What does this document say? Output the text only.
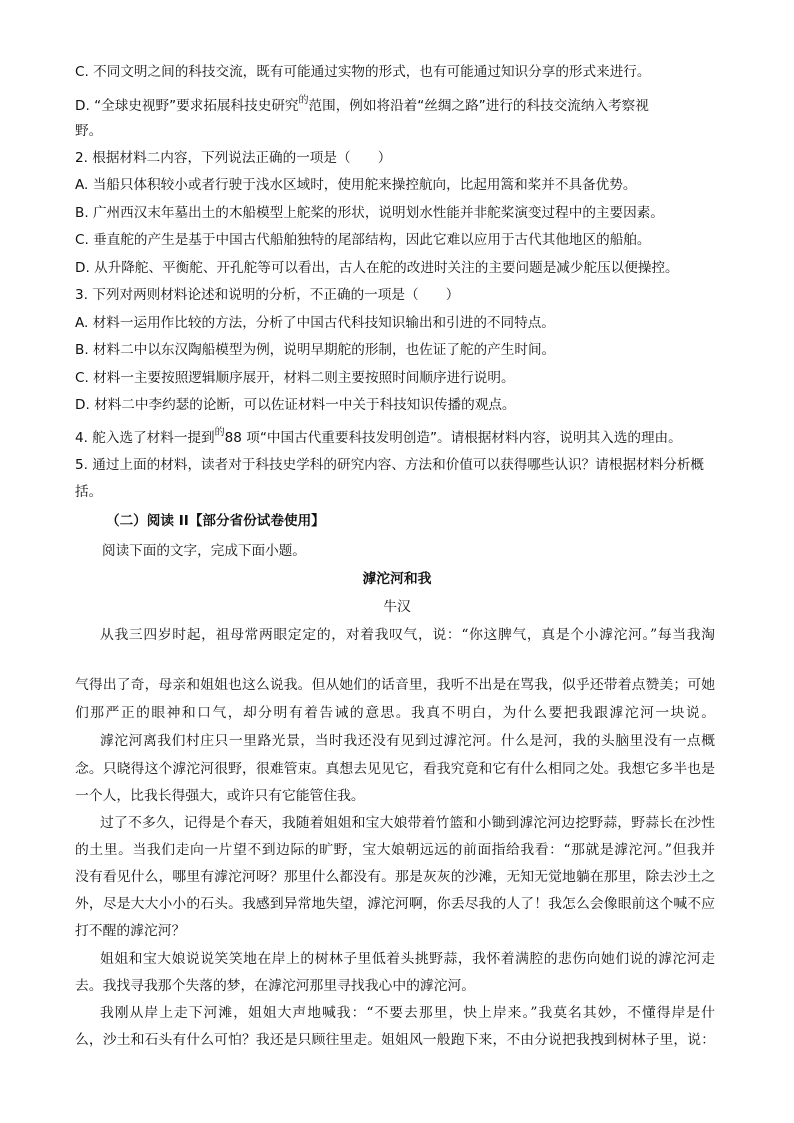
C. 不同文明之间的科技交流，既有可能通过实物的形式，也有可能通过知识分享的形式来进行。
D. “全球史视野”要求拓展科技史研究$^的$范围，例如将沿着“丝绸之路”进行的科技交流纳入考察视
野。
2. 根据材料二内容，下列说法正确的一项是（　　）
A. 当船只体积较小或者行驶于浅水区域时，使用舵来操控航向，比起用篙和桨并不具备优势。
B. 广州西汉末年墓出土的木船模型上舵桨的形状，说明划水性能并非舵桨演变过程中的主要因素。
C. 垂直舵的产生是基于中国古代船舶独特的尾部结构，因此它难以应用于古代其他地区的船舶。
D. 从升降舵、平衡舵、开孔舵等可以看出，古人在舵的改进时关注的主要问题是减少舵压以便操控。
3. 下列对两则材料论述和说明的分析，不正确的一项是（　　）
A. 材料一运用作比较的方法，分析了中国古代科技知识输出和引进的不同特点。
B. 材料二中以东汉陶船模型为例，说明早期舵的形制，也佐证了舵的产生时间。
C. 材料一主要按照逻辑顺序展开，材料二则主要按照时间顺序进行说明。
D. 材料二中李约瑟的论断，可以佐证材料一中关于科技知识传播的观点。
4. 舵入选了材料一提到$^的$88 项“中国古代重要科技发明创造”。请根据材料内容，说明其入选的理由。
5. 通过上面的材料，读者对于科技史学科的研究内容、方法和价值可以获得哪些认识？请根据材料分析概
括。
（二）阅读 II【部分省份试卷使用】
阅读下面的文字，完成下面小题。
滹沱河和我
牛汉
从我三四岁时起，祖母常两眼定定的，对着我叹气，说：“你这脾气，真是个小滹沱河。”每当我淘
气得出了奇，母亲和姐姐也这么说我。但从她们的话音里，我听不出是在骂我，似乎还带着点赞美；可她
们那严正的眼神和口气，却分明有着告诫的意思。我真不明白，为什么要把我跟滹沱河一块说。
滹沱河离我们村庄只一里路光景，当时我还没有见到过滹沱河。什么是河，我的头脑里没有一点概
念。只晓得这个滹沱河很野，很难管束。真想去见见它，看我究竟和它有什么相同之处。我想它多半也是
一个人，比我长得强大，或许只有它能管住我。
过了不多久，记得是个春天，我随着姐姐和宝大娘带着竹篮和小锄到滹沱河边挖野蒜，野蒜长在沙性
的土里。当我们走向一片望不到边际的旷野，宝大娘朝远远的前面指给我看：“那就是滹沱河。”但我并
没有看见什么，哪里有滹沱河呀？那里什么都没有。那是灰灰的沙滩，无知无觉地躺在那里，除去沙土之
外，尽是大大小小的石头。我感到异常地失望，滹沱河啊，你丢尽我的人了！我怎么会像眼前这个喊不应
打不醒的滹沱河？
姐姐和宝大娘说说笑笑地在岸上的树林子里低着头挑野蒜，我怀着满腔的悲伤向她们说的滹沱河走
去。我找寻我那个失落的梦，在滹沱河那里寻找我心中的滹沱河。
我刚从岸上走下河滩，姐姐大声地喊我：“不要去那里，快上岸来。”我莫名其妙，不懂得岸是什
么，沙土和石头有什么可怕？我还是只顾往里走。姐姐风一般跑下来，不由分说把我拽到树林子里，说：
